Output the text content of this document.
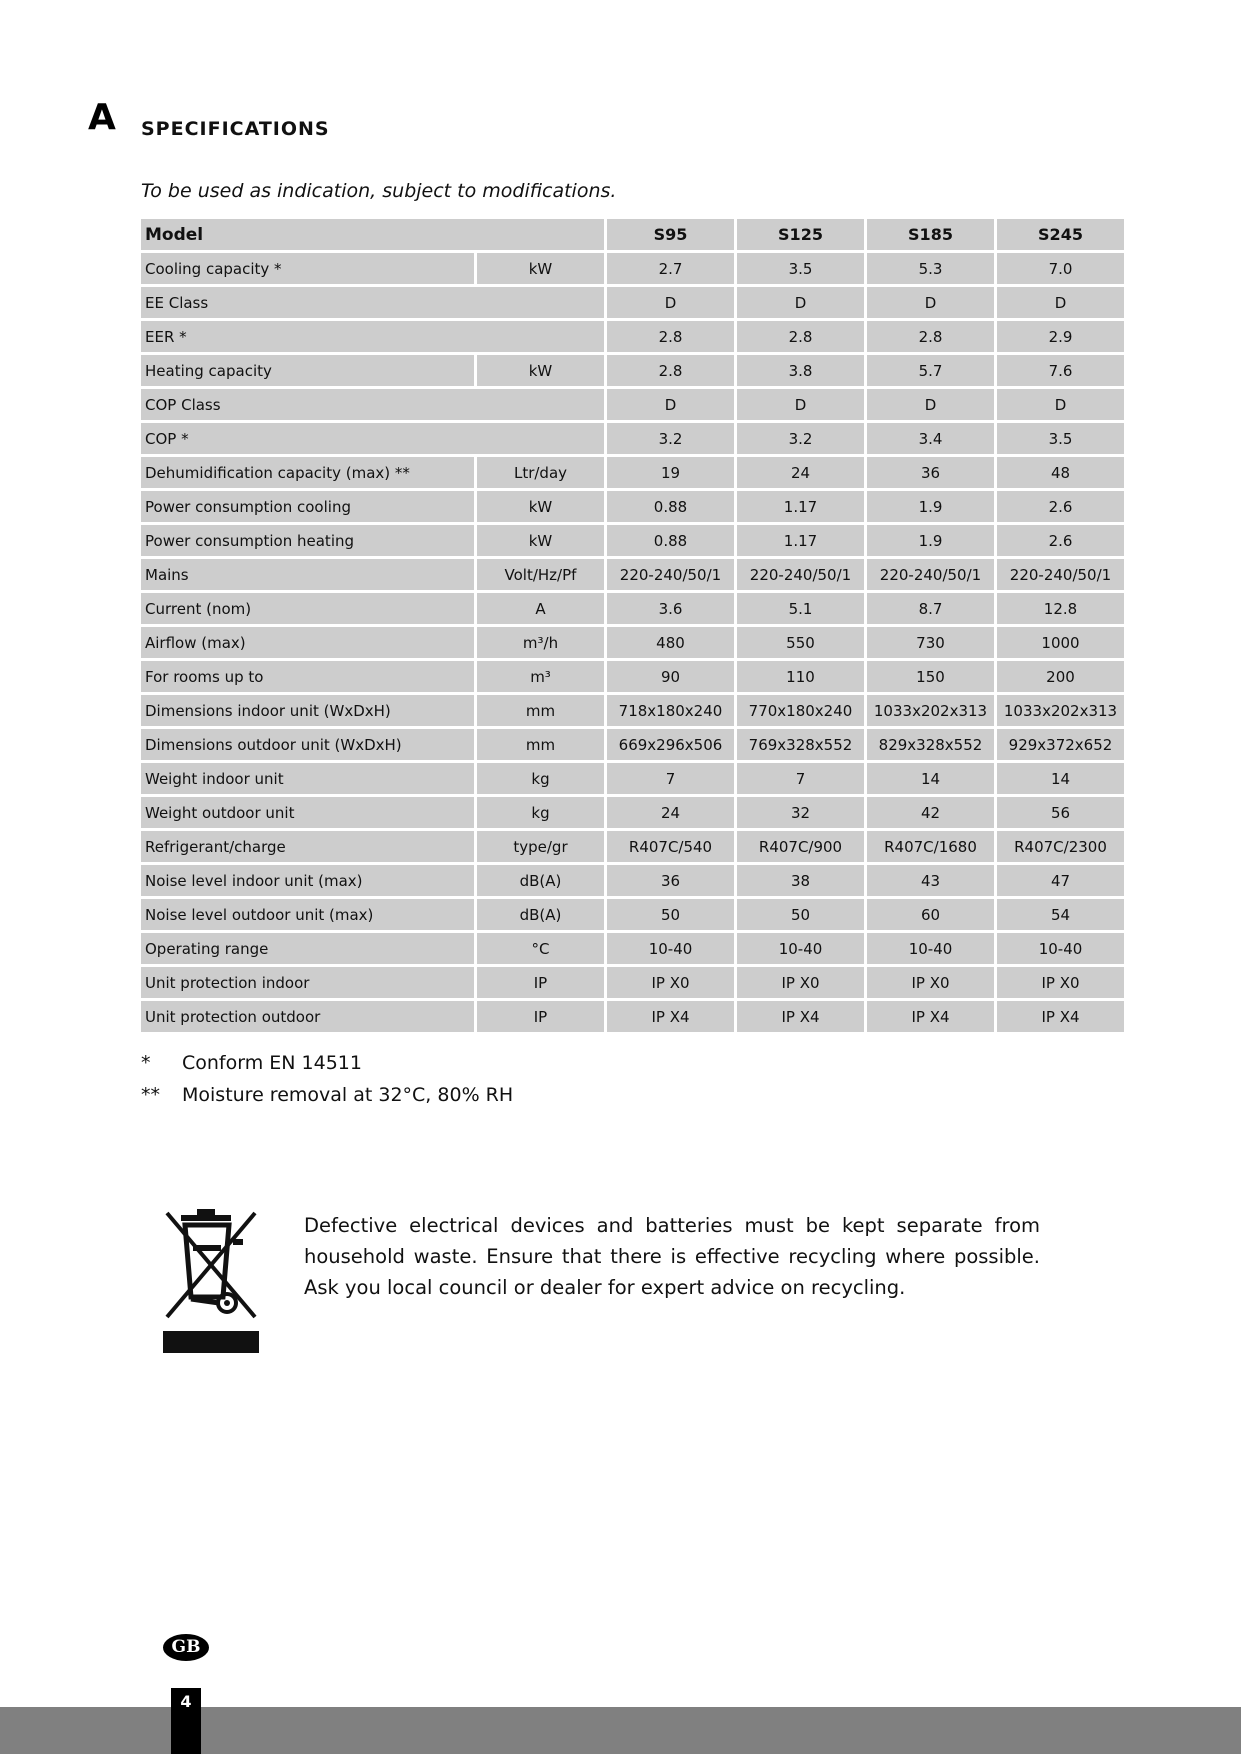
A SPECIFICATIONS
To be used as indication, subject to modifications.
Model		S95	S125	S185	S245
Cooling capacity *	kW	2.7	3.5	5.3	7.0
EE Class		D	D	D	D
EER *		2.8	2.8	2.8	2.9
Heating capacity	kW	2.8	3.8	5.7	7.6
COP Class		D	D	D	D
COP *		3.2	3.2	3.4	3.5
Dehumidification capacity (max) **	Ltr/day	19	24	36	48
Power consumption cooling	kW	0.88	1.17	1.9	2.6
Power consumption heating	kW	0.88	1.17	1.9	2.6
Mains	Volt/Hz/Pf	220-240/50/1	220-240/50/1	220-240/50/1	220-240/50/1
Current (nom)	A	3.6	5.1	8.7	12.8
Airflow (max)	m³/h	480	550	730	1000
For rooms up to	m³	90	110	150	200
Dimensions indoor unit (WxDxH)	mm	718x180x240	770x180x240	1033x202x313	1033x202x313
Dimensions outdoor unit (WxDxH)	mm	669x296x506	769x328x552	829x328x552	929x372x652
Weight indoor unit	kg	7	7	14	14
Weight outdoor unit	kg	24	32	42	56
Refrigerant/charge	type/gr	R407C/540	R407C/900	R407C/1680	R407C/2300
Noise level indoor unit (max)	dB(A)	36	38	43	47
Noise level outdoor unit (max)	dB(A)	50	50	60	54
Operating range	°C	10-40	10-40	10-40	10-40
Unit protection indoor	IP	IP X0	IP X0	IP X0	IP X0
Unit protection outdoor	IP	IP X4	IP X4	IP X4	IP X4
*	Conform EN 14511
**	Moisture removal at 32°C, 80% RH
Defective electrical devices and batteries must be kept separate from household waste. Ensure that there is effective recycling where possible. Ask you local council or dealer for expert advice on recycling.
GB
4
